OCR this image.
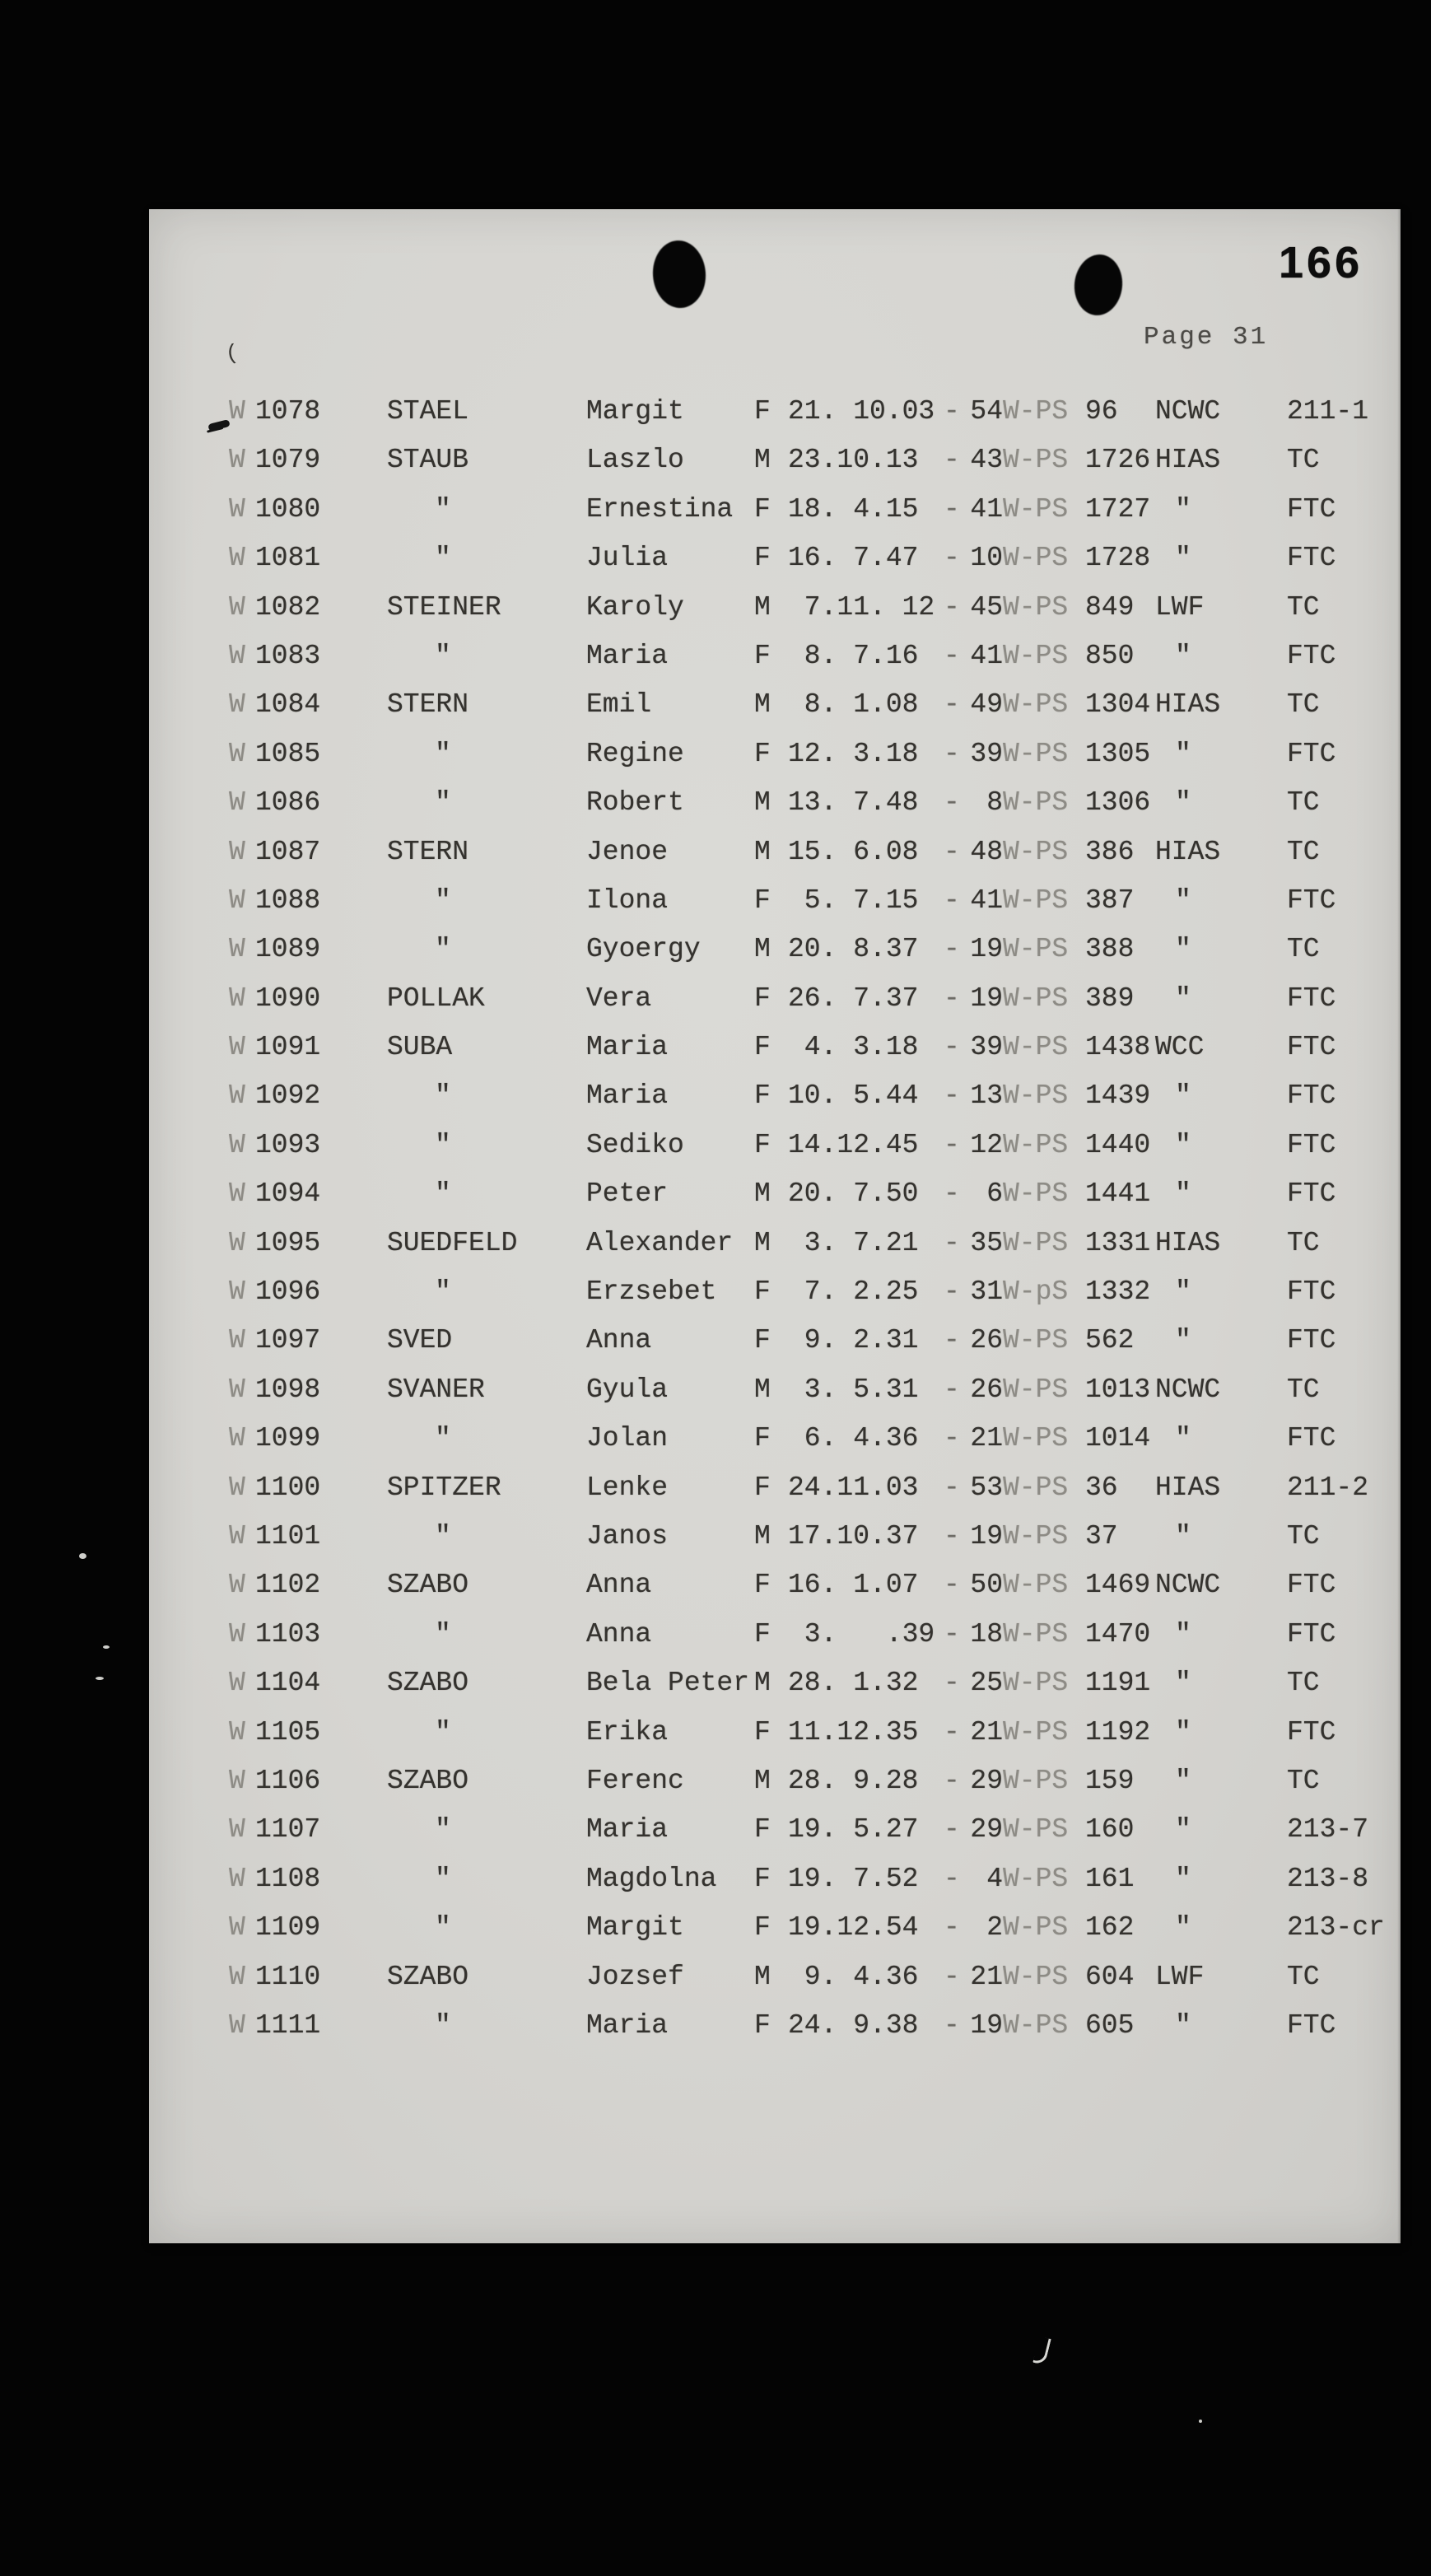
166
Page 31
(
W 1078	STAEL	Margit	F 21. 10.03 - 54 W-PS 96	NCWC	211-1
W 1079	STAUB	Laszlo	M 23.10.13 - 43 W-PS 1726 HIAS	TC
W 1080	"	Ernestina F 18. 4.15 - 41 W-PS 1727 "	FTC
W 1081	"	Julia	F 16. 7.47 - 10 W-PS 1728 "	FTC
W 1082	STEINER	Karoly	M 7.11. 12 - 45 W-PS 849 LWF	TC
W 1083	"	Maria	F 8. 7.16 - 41 W-PS 850	"	FTC
W 1084	STERN	Emil	M 8. 1.08 - 49 W-PS 1304 HIAS	TC
W 1085	"	Regine	F 12. 3.18 - 39 W-PS 1305 "	FTC
W 1086	"	Robert	M 13. 7.48 - 8 W-PS 1306 "	TC
W 1087	STERN	Jenoe	M 15. 6.08 - 48 W-PS 386 HIAS	TC
W 1088	"	Ilona	F 5. 7.15 - 41 W-PS 387	"	FTC
W 1089	"	Gyoergy	M 20. 8.37 - 19 W-PS 388	"	TC
W 1090	POLLAK	Vera	F 26. 7.37 - 19 W-PS 389	"	FTC
W 1091	SUBA	Maria	F 4. 3.18 - 39 W-PS 1438 WCC	FTC
W 1092	"	Maria	F 10. 5.44 - 13 W-PS 1439 "	FTC
W 1093	"	Sediko	F 14.12.45 - 12 W-PS 1440 "	FTC
W 1094	"	Peter	M 20. 7.50 - 6 W-PS 1441 "	FTC
W 1095	SUEDFELD	Alexander M 3. 7.21 - 35 W-PS 1331 HIAS	TC
W 1096	"	Erzsebet	F 7. 2.25 - 31 W-pS 1332 "	FTC
W 1097	SVED	Anna	F 9. 2.31 - 26 W-PS 562	"	FTC
W 1098	SVANER	Gyula	M 3. 5.31 - 26 W-PS 1013 NCWC	TC
W 1099	"	Jolan	F 6. 4.36 - 21 W-PS 1014 "	FTC
W 1100	SPITZER	Lenke	F 24.11.03 - 53 W-PS 36	HIAS	211-2
W 1101	"	Janos	M 17.10.37 - 19 W-PS 37	"	TC
W 1102	SZABO	Anna	F 16. 1.07 - 50 W-PS 1469 NCWC	FTC
W 1103	"	Anna	F 3.   .39 - 18 W-PS 1470 "	FTC
W 1104	SZABO	Bela Peter M 28. 1.32 - 25 W-PS 1191 "	TC
W 1105	"	Erika	F 11.12.35 - 21 W-PS 1192 "	FTC
W 1106	SZABO	Ferenc	M 28. 9.28 - 29 W-PS 159	"	TC
W 1107	"	Maria	F 19. 5.27 - 29 W-PS 160	"	213-7
W 1108	"	Magdolna	F 19. 7.52 - 4 W-PS 161	"	213-8
W 1109	"	Margit	F 19.12.54 - 2 W-PS 162	"	213-cr
W 1110	SZABO	Jozsef	M 9. 4.36 - 21 W-PS 604 LWF	TC
W 1111	"	Maria	F 24. 9.38 - 19 W-PS 605	"	FTC
